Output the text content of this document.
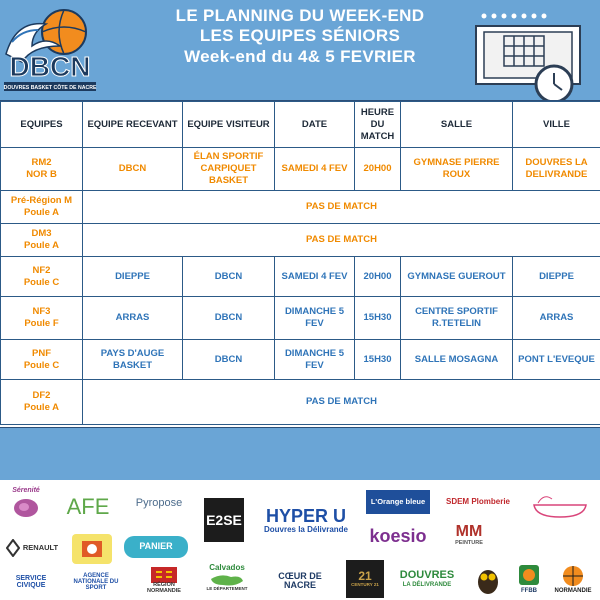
DBCN
DOUVRES BASKET CÔTE DE NACRE
LE PLANNING DU WEEK-END
LES EQUIPES SÉNIORS
Week-end du 4& 5 FEVRIER
EQUIPES	EQUIPE RECEVANT	EQUIPE VISITEUR	DATE	HEURE DU MATCH	SALLE	VILLE
RM2
NOR B	DBCN	ÉLAN SPORTIF CARPIQUET BASKET	SAMEDI 4 FEV	20H00	GYMNASE PIERRE ROUX	DOUVRES LA DELIVRANDE
Pré-Région M
Poule A	PAS DE MATCH					
DM3
Poule A	PAS DE MATCH					
NF2
Poule C	DIEPPE	DBCN	SAMEDI 4 FEV	20H00	GYMNASE GUEROUT	DIEPPE
NF3
Poule F	ARRAS	DBCN	DIMANCHE 5 FEV	15H30	CENTRE SPORTIF R.TETELIN	ARRAS
PNF
Poule C	PAYS D'AUGE BASKET	DBCN	DIMANCHE 5 FEV	15H30	SALLE MOSAGNA	PONT L'EVEQUE
DF2
Poule A	PAS DE MATCH					
Sérenité
AFE Pyropose
E2SE HYPER U
Douvres la Délivrande
L'Orange bleue
koesio
SDEM Plomberie
MM
PEINTURE
RENAULT	PANIER
SERVICE CIVIQUE
AGENCE NATIONALE DU SPORT	RÉGION NORMANDIE
Calvados
LE DÉPARTEMENT
CŒUR DE NACRE
21
CENTURY 21
DOUVRES
LA DÉLIVRANDE
FFBB	NORMANDIE
